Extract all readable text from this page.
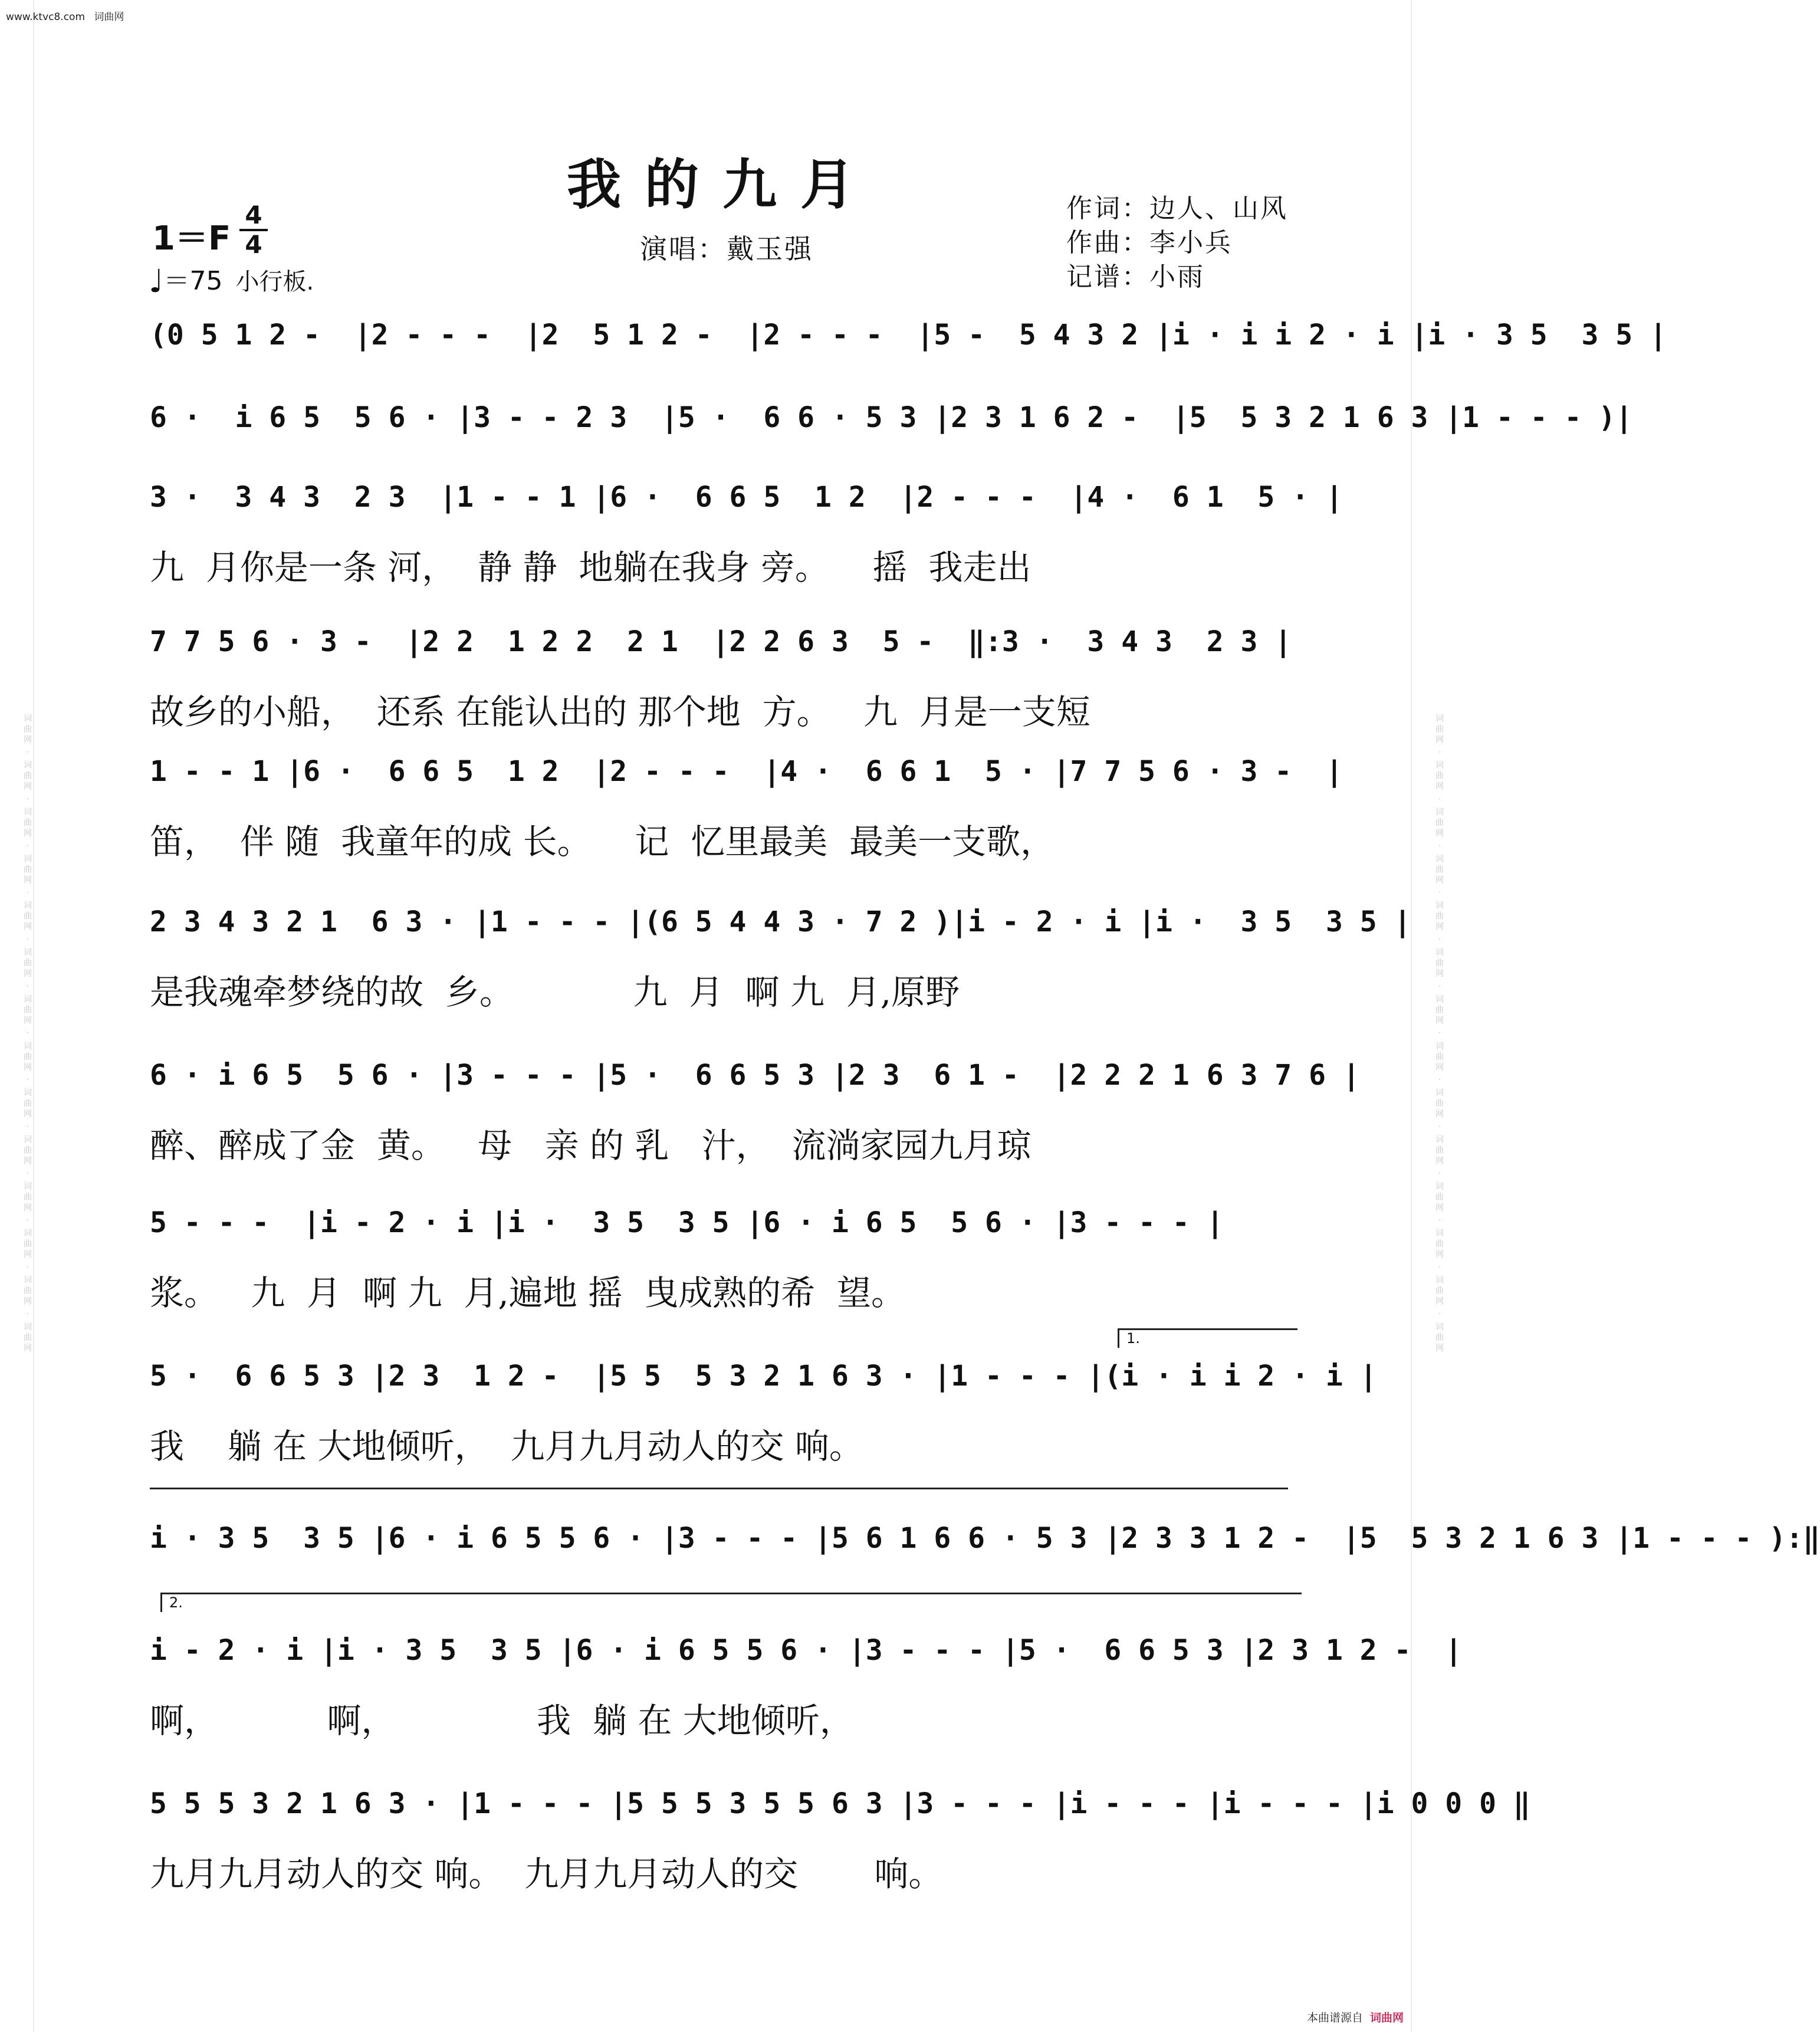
词曲网 · 词曲网 · 词曲网 · 词曲网 · 词曲网 · 词曲网 · 词曲网 · 词曲网 · 词曲网 · 词曲网 · 词曲网 · 词曲网 · 词曲网 · 词曲网	词曲网 · 词曲网 · 词曲网 · 词曲网 · 词曲网 · 词曲网 · 词曲网 · 词曲网 · 词曲网 · 词曲网 · 词曲网 · 词曲网 · 词曲网 · 词曲网
www.ktvc8.com 词曲网
我的九月
1＝F
4
4
♩＝75 小行板.
演唱：戴玉强
作词：边人、山风
作曲：李小兵
记谱：小雨
(0 5 1 2 -  |2 - - -  |2  5 1 2 -  |2 - - -  |5 -  5 4 3 2 |i · i i 2 · i |i · 3 5  3 5 |
6 ·  i 6 5  5 6 · |3 - - 2 3  |5 ·  6 6 · 5 3 |2 3 1 6 2 -  |5  5 3 2 1 6 3 |1 - - - )|
3 ·  3 4 3  2 3  |1 - - 1 |6 ·  6 6 5  1 2  |2 - - -  |4 ·  6 1  5 · |
九  月你是一条 河，  静 静  地躺在我身 旁。    摇  我走出
7 7 5 6 · 3 -  |2 2  1 2 2  2 1  |2 2 6 3  5 -  ‖:3 ·  3 4 3  2 3 |
故乡的小船，  还系 在能认出的 那个地  方。   九  月是一支短
1 - - 1 |6 ·  6 6 5  1 2  |2 - - -  |4 ·  6 6 1  5 · |7 7 5 6 · 3 -  |
笛，  伴 随  我童年的成 长。    记  忆里最美  最美一支歌，
2 3 4 3 2 1  6 3 · |1 - - - |(6 5 4 4 3 · 7 2 )|i - 2 · i |i ·  3 5  3 5 |
是我魂牵梦绕的故  乡。           九  月  啊 九  月,原野
6 · i 6 5  5 6 · |3 - - - |5 ·  6 6 5 3 |2 3  6 1 -  |2 2 2 1 6 3 7 6 |
醉、醉成了金  黄。   母   亲 的 乳   汁，  流淌家园九月琼
5 - - -  |i - 2 · i |i ·  3 5  3 5 |6 · i 6 5  5 6 · |3 - - - |
浆。   九  月  啊 九  月,遍地 摇  曳成熟的希  望。
1.
5 ·  6 6 5 3 |2 3  1 2 -  |5 5  5 3 2 1 6 3 · |1 - - - |(i · i i 2 · i |
我    躺 在 大地倾听，  九月九月动人的交 响。
i · 3 5  3 5 |6 · i 6 5 5 6 · |3 - - - |5 6 1 6 6 · 5 3 |2 3 3 1 2 -  |5  5 3 2 1 6 3 |1 - - - ):‖
2.
i - 2 · i |i · 3 5  3 5 |6 · i 6 5 5 6 · |3 - - - |5 ·  6 6 5 3 |2 3 1 2 -  |
啊，          啊，             我  躺 在 大地倾听，
5 5 5 3 2 1 6 3 · |1 - - - |5 5 5 3 5 5 6 3 |3 - - - |i - - - |i - - - |i 0 0 0 ‖
九月九月动人的交 响。  九月九月动人的交       响。
本曲谱源自 词曲网
